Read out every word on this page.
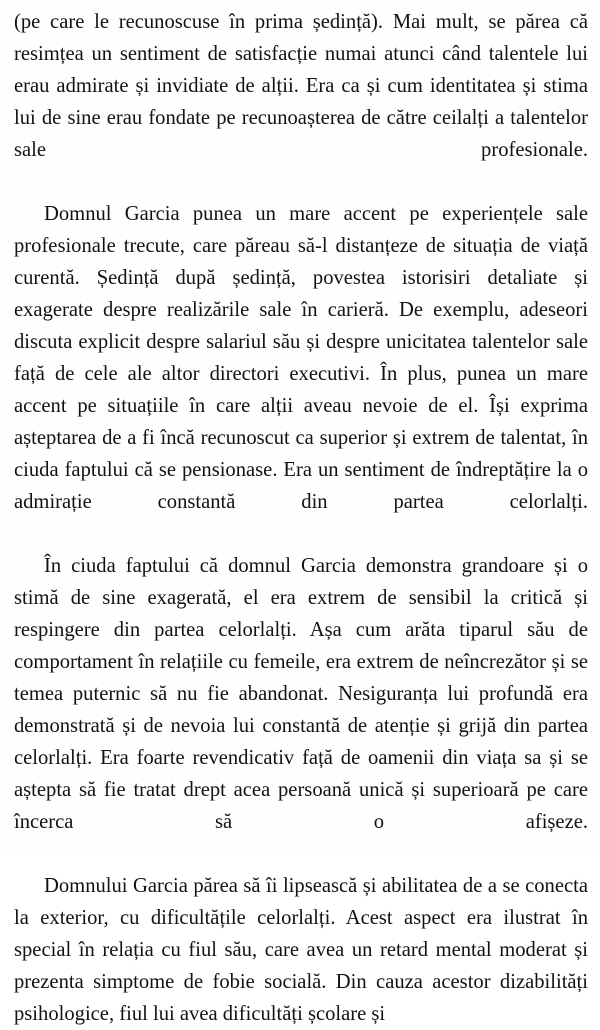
(pe care le recunoscuse în prima ședință). Mai mult, se părea că resimțea un sentiment de satisfacție numai atunci când talentele lui erau admirate și invidiate de alții. Era ca și cum identitatea și stima lui de sine erau fondate pe recunoașterea de către ceilalți a talentelor sale profesionale.

Domnul Garcia punea un mare accent pe experiențele sale profesionale trecute, care păreau să-l distanțeze de situația de viață curentă. Ședință după ședință, povestea istorisiri detaliate și exagerate despre realizările sale în carieră. De exemplu, adeseori discuta explicit despre salariul său și despre unicitatea talentelor sale față de cele ale altor directori executivi. În plus, punea un mare accent pe situațiile în care alții aveau nevoie de el. Își exprima așteptarea de a fi încă recunoscut ca superior și extrem de talentat, în ciuda faptului că se pensionase. Era un sentiment de îndreptățire la o admirație constantă din partea celorlalți.

În ciuda faptului că domnul Garcia demonstra grandoare și o stimă de sine exagerată, el era extrem de sensibil la critică și respingere din partea celorlalți. Așa cum arăta tiparul său de comportament în relațiile cu femeile, era extrem de neîncrezător și se temea puternic să nu fie abandonat. Nesiguranța lui profundă era demonstrată și de nevoia lui constantă de atenție și grijă din partea celorlalți. Era foarte revendicativ față de oamenii din viața sa și se aștepta să fie tratat drept acea persoană unică și superioară pe care încerca să o afișeze.

Domnului Garcia părea să îi lipsească și abilitatea de a se conecta la exterior, cu dificultățile celorlalți. Acest aspect era ilustrat în special în relația cu fiul său, care avea un retard mental moderat și prezenta simptome de fobie socială. Din cauza acestor dizabilități psihologice, fiul lui avea dificultăți școlare și
